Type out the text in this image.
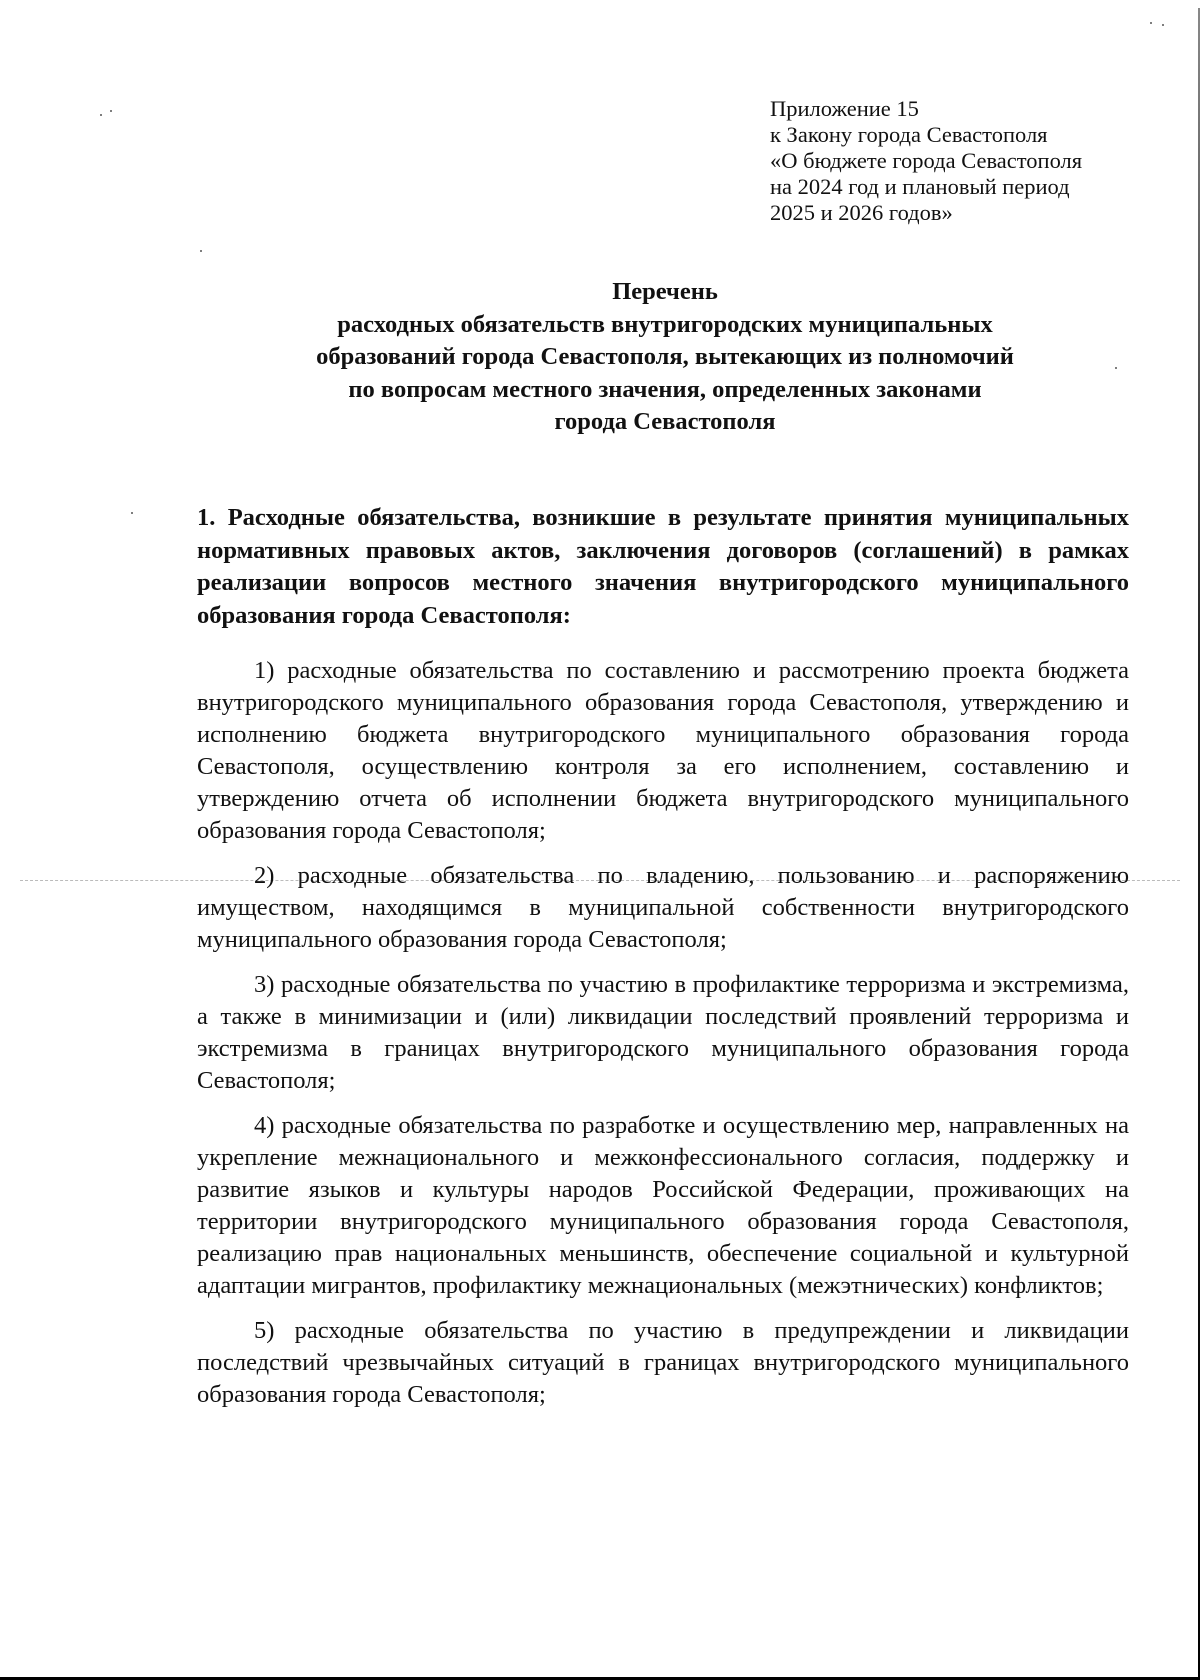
Приложение 15
к Закону города Севастополя
«О бюджете города Севастополя
на 2024 год и плановый период
2025 и 2026 годов»
Перечень
расходных обязательств внутригородских муниципальных
образований города Севастополя, вытекающих из полномочий
по вопросам местного значения, определенных законами
города Севастополя
1. Расходные обязательства, возникшие в результате принятия муниципальных нормативных правовых актов, заключения договоров (соглашений) в рамках реализации вопросов местного значения внутригородского муниципального образования города Севастополя:

1) расходные обязательства по составлению и рассмотрению проекта бюджета внутригородского муниципального образования города Севастополя, утверждению и исполнению бюджета внутригородского муниципального образования города Севастополя, осуществлению контроля за его исполнением, составлению и утверждению отчета об исполнении бюджета внутригородского муниципального образования города Севастополя;

2) расходные обязательства по владению, пользованию и распоряжению имуществом, находящимся в муниципальной собственности внутригородского муниципального образования города Севастополя;

3) расходные обязательства по участию в профилактике терроризма и экстремизма, а также в минимизации и (или) ликвидации последствий проявлений терроризма и экстремизма в границах внутригородского муниципального образования города Севастополя;

4) расходные обязательства по разработке и осуществлению мер, направленных на укрепление межнационального и межконфессионального согласия, поддержку и развитие языков и культуры народов Российской Федерации, проживающих на территории внутригородского муниципального образования города Севастополя, реализацию прав национальных меньшинств, обеспечение социальной и культурной адаптации мигрантов, профилактику межнациональных (межэтнических) конфликтов;

5) расходные обязательства по участию в предупреждении и ликвидации последствий чрезвычайных ситуаций в границах внутригородского муниципального образования города Севастополя;
